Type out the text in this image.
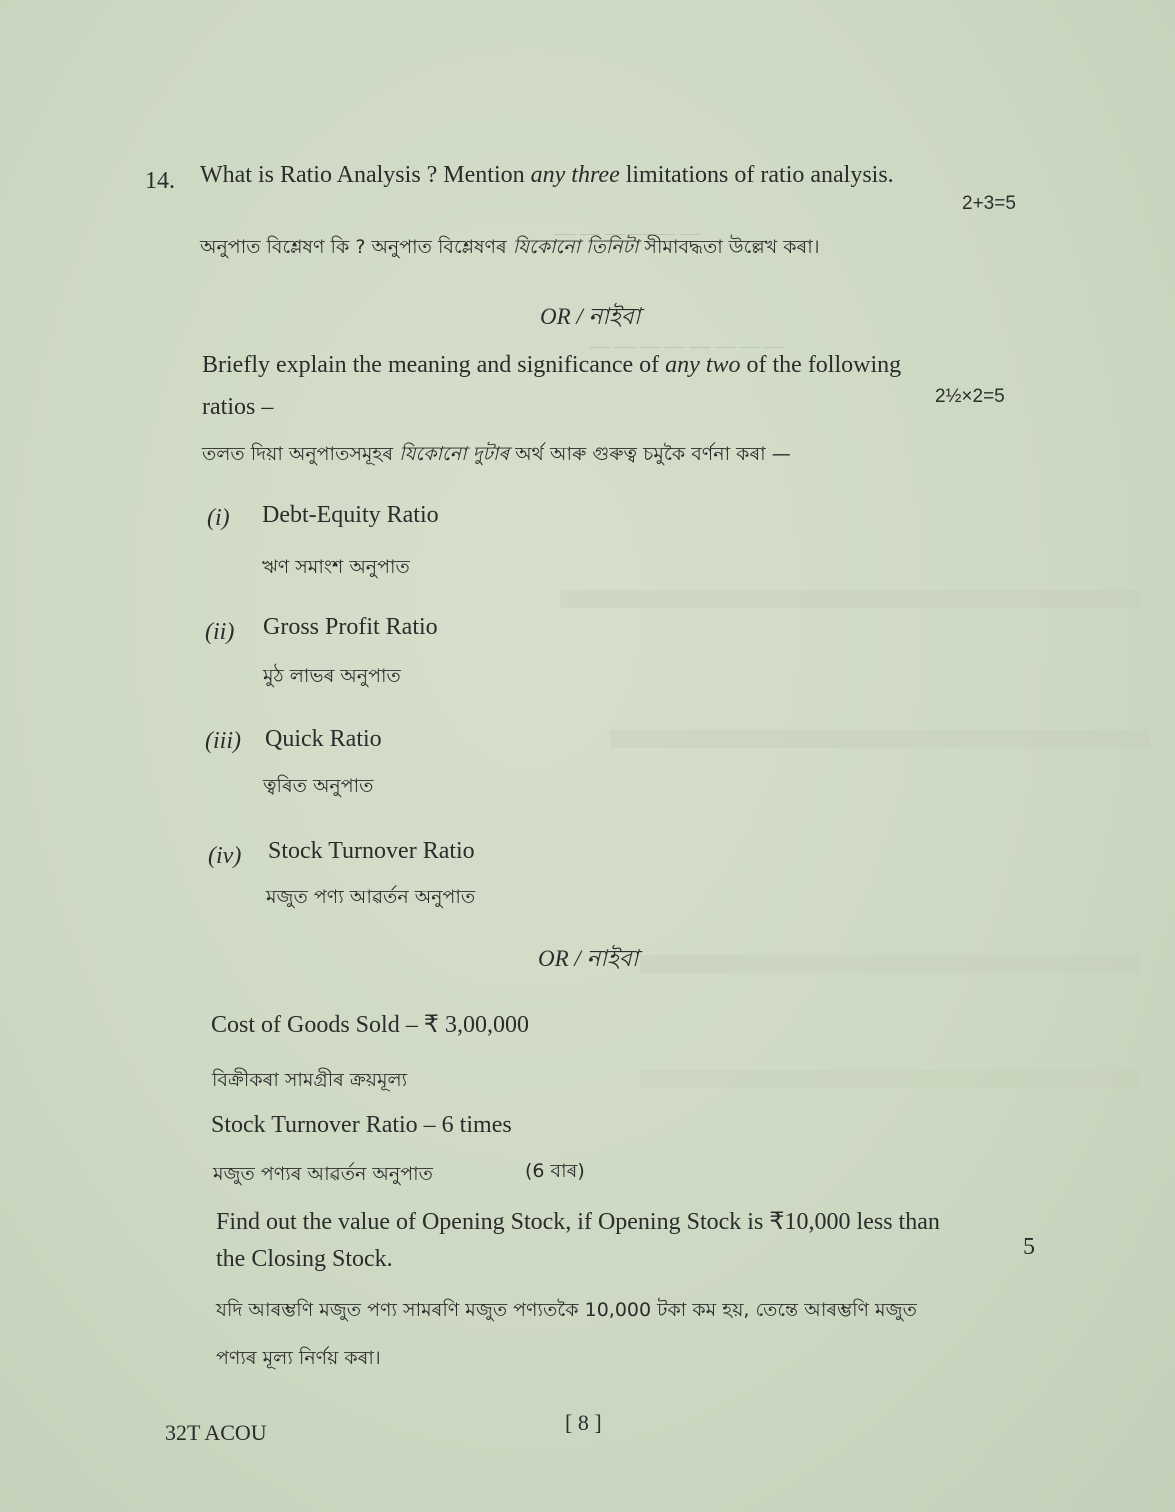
— — — — — —
— — — — — — — —
14. What is Ratio Analysis ? Mention any three limitations of ratio analysis.
2+3=5
অনুপাত বিশ্লেষণ কি ? অনুপাত বিশ্লেষণৰ যিকোনো তিনিটা সীমাবদ্ধতা উল্লেখ কৰা।
OR / নাইবা
Briefly explain the meaning and significance of any two of the following
ratios –	2½×2=5
তলত দিয়া অনুপাতসমূহৰ যিকোনো দুটাৰ অৰ্থ আৰু গুৰুত্ব চমুকৈ বৰ্ণনা কৰা —
(i) Debt-Equity Ratio
ঋণ সমাংশ অনুপাত
(ii) Gross Profit Ratio
মুঠ লাভৰ অনুপাত
(iii) Quick Ratio
ত্বৰিত অনুপাত
(iv) Stock Turnover Ratio
মজুত পণ্য আৱৰ্তন অনুপাত
OR / নাইবা
Cost of Goods Sold – ₹ 3,00,000
বিক্ৰীকৰা সামগ্ৰীৰ ক্ৰয়মূল্য
Stock Turnover Ratio – 6 times
মজুত পণ্যৰ আৱৰ্তন অনুপাত	(6 বাৰ)
Find out the value of Opening Stock, if Opening Stock is ₹10,000 less than
the Closing Stock.	5
যদি আৰম্ভণি মজুত পণ্য সামৰণি মজুত পণ্যতকৈ 10,000 টকা কম হয়, তেন্তে আৰম্ভণি মজুত
পণ্যৰ মূল্য নিৰ্ণয় কৰা।
32T ACOU	[ 8 ]
